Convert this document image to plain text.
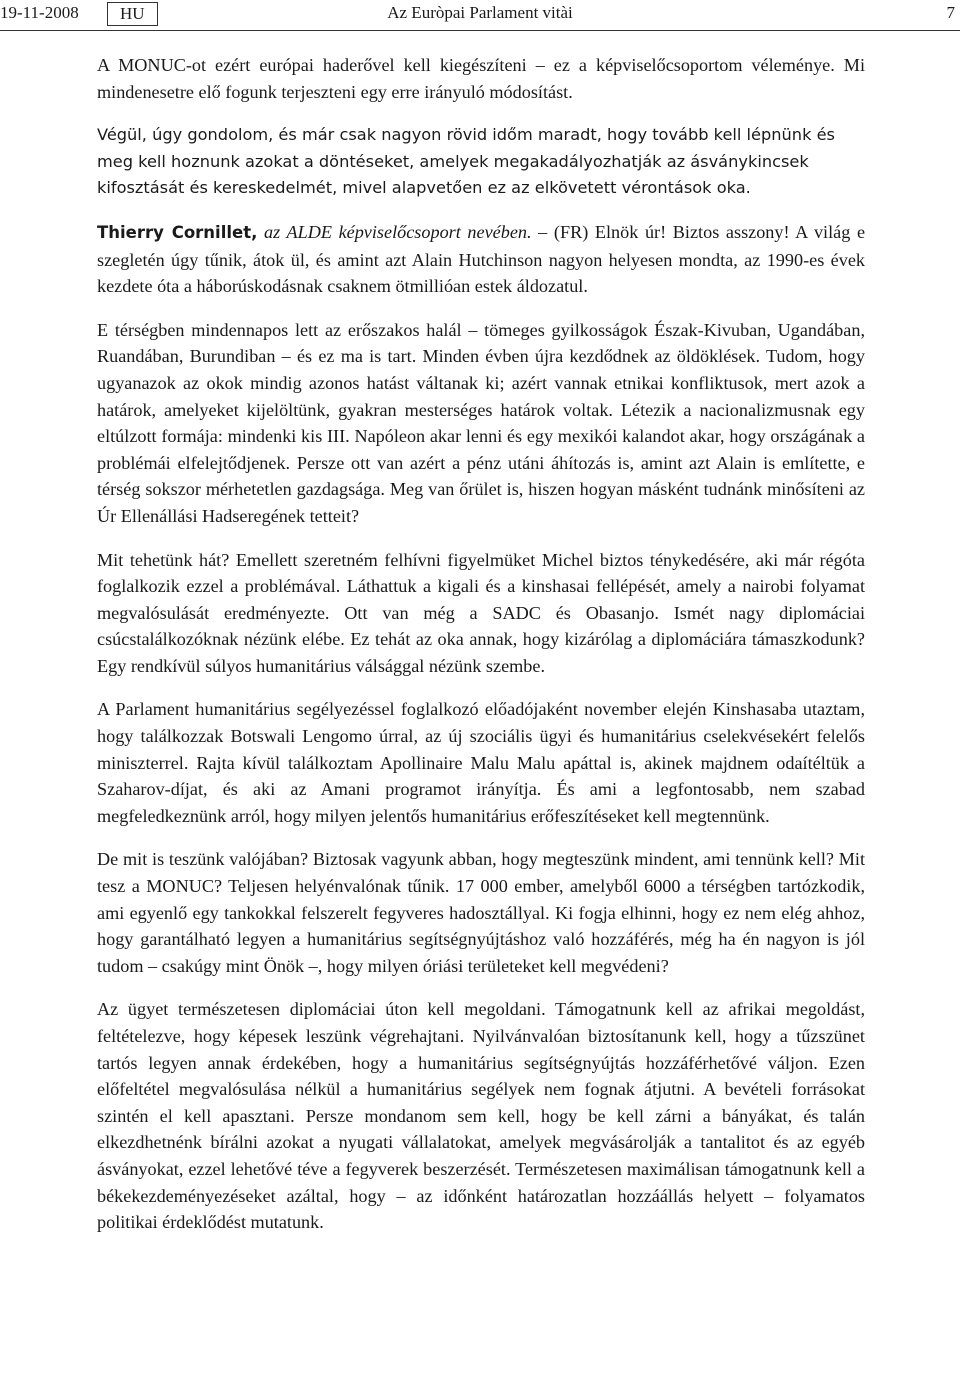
19-11-2008	HU	Az Euròpai Parlament vitài	7

A MONUC-ot ezért európai haderővel kell kiegészíteni – ez a képviselőcsoportom véleménye. Mi mindenesetre elő fogunk terjeszteni egy erre irányuló módosítást.

Végül, úgy gondolom, és már csak nagyon rövid időm maradt, hogy tovább kell lépnünk és meg kell hoznunk azokat a döntéseket, amelyek megakadályozhatják az ásványkincsek kifosztását és kereskedelmét, mivel alapvetően ez az elkövetett vérontások oka.

Thierry Cornillet, az ALDE képviselőcsoport nevében. – (FR) Elnök úr! Biztos asszony! A világ e szegletén úgy tűnik, átok ül, és amint azt Alain Hutchinson nagyon helyesen mondta, az 1990-es évek kezdete óta a háborúskodásnak csaknem ötmillióan estek áldozatul.

E térségben mindennapos lett az erőszakos halál – tömeges gyilkosságok Észak-Kivuban, Ugandában, Ruandában, Burundiban – és ez ma is tart. Minden évben újra kezdődnek az öldöklések. Tudom, hogy ugyanazok az okok mindig azonos hatást váltanak ki; azért vannak etnikai konfliktusok, mert azok a határok, amelyeket kijelöltünk, gyakran mesterséges határok voltak. Létezik a nacionalizmusnak egy eltúlzott formája: mindenki kis III. Napóleon akar lenni és egy mexikói kalandot akar, hogy országának a problémái elfelejtődjenek. Persze ott van azért a pénz utáni áhítozás is, amint azt Alain is említette, e térség sokszor mérhetetlen gazdagsága. Meg van őrület is, hiszen hogyan másként tudnánk minősíteni az Úr Ellenállási Hadseregének tetteit?

Mit tehetünk hát? Emellett szeretném felhívni figyelmüket Michel biztos ténykedésére, aki már régóta foglalkozik ezzel a problémával. Láthattuk a kigali és a kinshasai fellépését, amely a nairobi folyamat megvalósulását eredményezte. Ott van még a SADC és Obasanjo. Ismét nagy diplomáciai csúcstalálkozóknak nézünk elébe. Ez tehát az oka annak, hogy kizárólag a diplomáciára támaszkodunk? Egy rendkívül súlyos humanitárius válsággal nézünk szembe.

A Parlament humanitárius segélyezéssel foglalkozó előadójaként november elején Kinshasaba utaztam, hogy találkozzak Botswali Lengomo úrral, az új szociális ügyi és humanitárius cselekvésekért felelős miniszterrel. Rajta kívül találkoztam Apollinaire Malu Malu apáttal is, akinek majdnem odaítéltük a Szaharov-díjat, és aki az Amani programot irányítja. És ami a legfontosabb, nem szabad megfeledkeznünk arról, hogy milyen jelentős humanitárius erőfeszítéseket kell megtennünk.

De mit is teszünk valójában? Biztosak vagyunk abban, hogy megteszünk mindent, ami tennünk kell? Mit tesz a MONUC? Teljesen helyénvalónak tűnik. 17 000 ember, amelyből 6000 a térségben tartózkodik, ami egyenlő egy tankokkal felszerelt fegyveres hadosztállyal. Ki fogja elhinni, hogy ez nem elég ahhoz, hogy garantálható legyen a humanitárius segítségnyújtáshoz való hozzáférés, még ha én nagyon is jól tudom – csakúgy mint Önök –, hogy milyen óriási területeket kell megvédeni?

Az ügyet természetesen diplomáciai úton kell megoldani. Támogatnunk kell az afrikai megoldást, feltételezve, hogy képesek leszünk végrehajtani. Nyilvánvalóan biztosítanunk kell, hogy a tűzszünet tartós legyen annak érdekében, hogy a humanitárius segítségnyújtás hozzáférhetővé váljon. Ezen előfeltétel megvalósulása nélkül a humanitárius segélyek nem fognak átjutni. A bevételi forrásokat szintén el kell apasztani. Persze mondanom sem kell, hogy be kell zárni a bányákat, és talán elkezdhetnénk bírálni azokat a nyugati vállalatokat, amelyek megvásárolják a tantalitot és az egyéb ásványokat, ezzel lehetővé téve a fegyverek beszerzését. Természetesen maximálisan támogatnunk kell a békekezdeményezéseket azáltal, hogy – az időnként határozatlan hozzáállás helyett – folyamatos politikai érdeklődést mutatunk.
